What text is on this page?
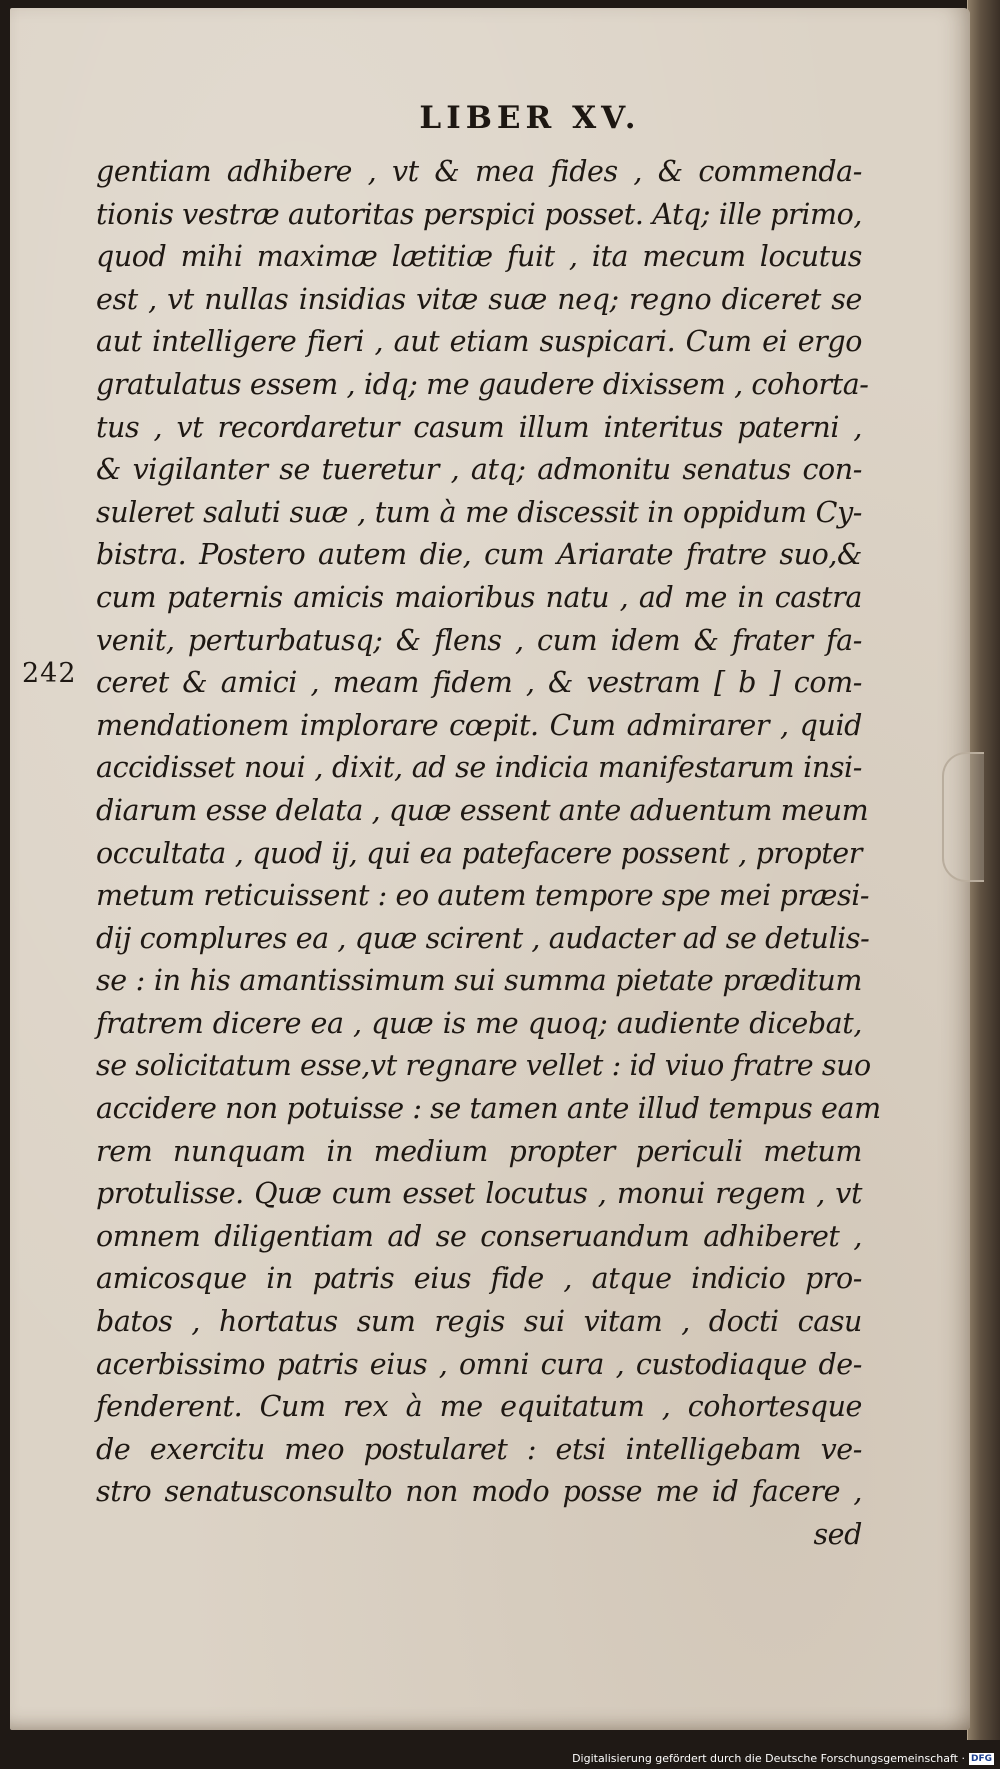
LIBER XV.
242
gentiam adhibere , vt & mea fides , & commenda-
tionis vestræ autoritas perspici posset. Atq; ille primo,
quod mihi maximæ lætitiæ fuit , ita mecum locutus
est , vt nullas insidias vitæ suæ neq; regno diceret se
aut intelligere fieri , aut etiam suspicari. Cum ei ergo
gratulatus essem , idq; me gaudere dixissem , cohorta-
tus , vt recordaretur casum illum interitus paterni ,
& vigilanter se tueretur , atq; admonitu senatus con-
suleret saluti suæ , tum à me discessit in oppidum Cy-
bistra. Postero autem die, cum Ariarate fratre suo,&
cum paternis amicis maioribus natu , ad me in castra
venit, perturbatusq; & flens , cum idem & frater fa-
ceret & amici , meam fidem , & vestram [ b ] com-
mendationem implorare cœpit. Cum admirarer , quid
accidisset noui , dixit, ad se indicia manifestarum insi-
diarum esse delata , quæ essent ante aduentum meum
occultata , quod ij, qui ea patefacere possent , propter
metum reticuissent : eo autem tempore spe mei præsi-
dij complures ea , quæ scirent , audacter ad se detulis-
se : in his amantissimum sui summa pietate præditum
fratrem dicere ea , quæ is me quoq; audiente dicebat,
se solicitatum esse,vt regnare vellet : id viuo fratre suo
accidere non potuisse : se tamen ante illud tempus eam
rem nunquam in medium propter periculi metum
protulisse. Quæ cum esset locutus , monui regem , vt
omnem diligentiam ad se conseruandum adhiberet ,
amicosque in patris eius fide , atque indicio pro-
batos , hortatus sum regis sui vitam , docti casu
acerbissimo patris eius , omni cura , custodiaque de-
fenderent. Cum rex à me equitatum , cohortesque
de exercitu meo postularet : etsi intelligebam ve-
stro senatusconsulto non modo posse me id facere ,
sed
Digitalisierung gefördert durch die Deutsche Forschungsgemeinschaft · DFG
